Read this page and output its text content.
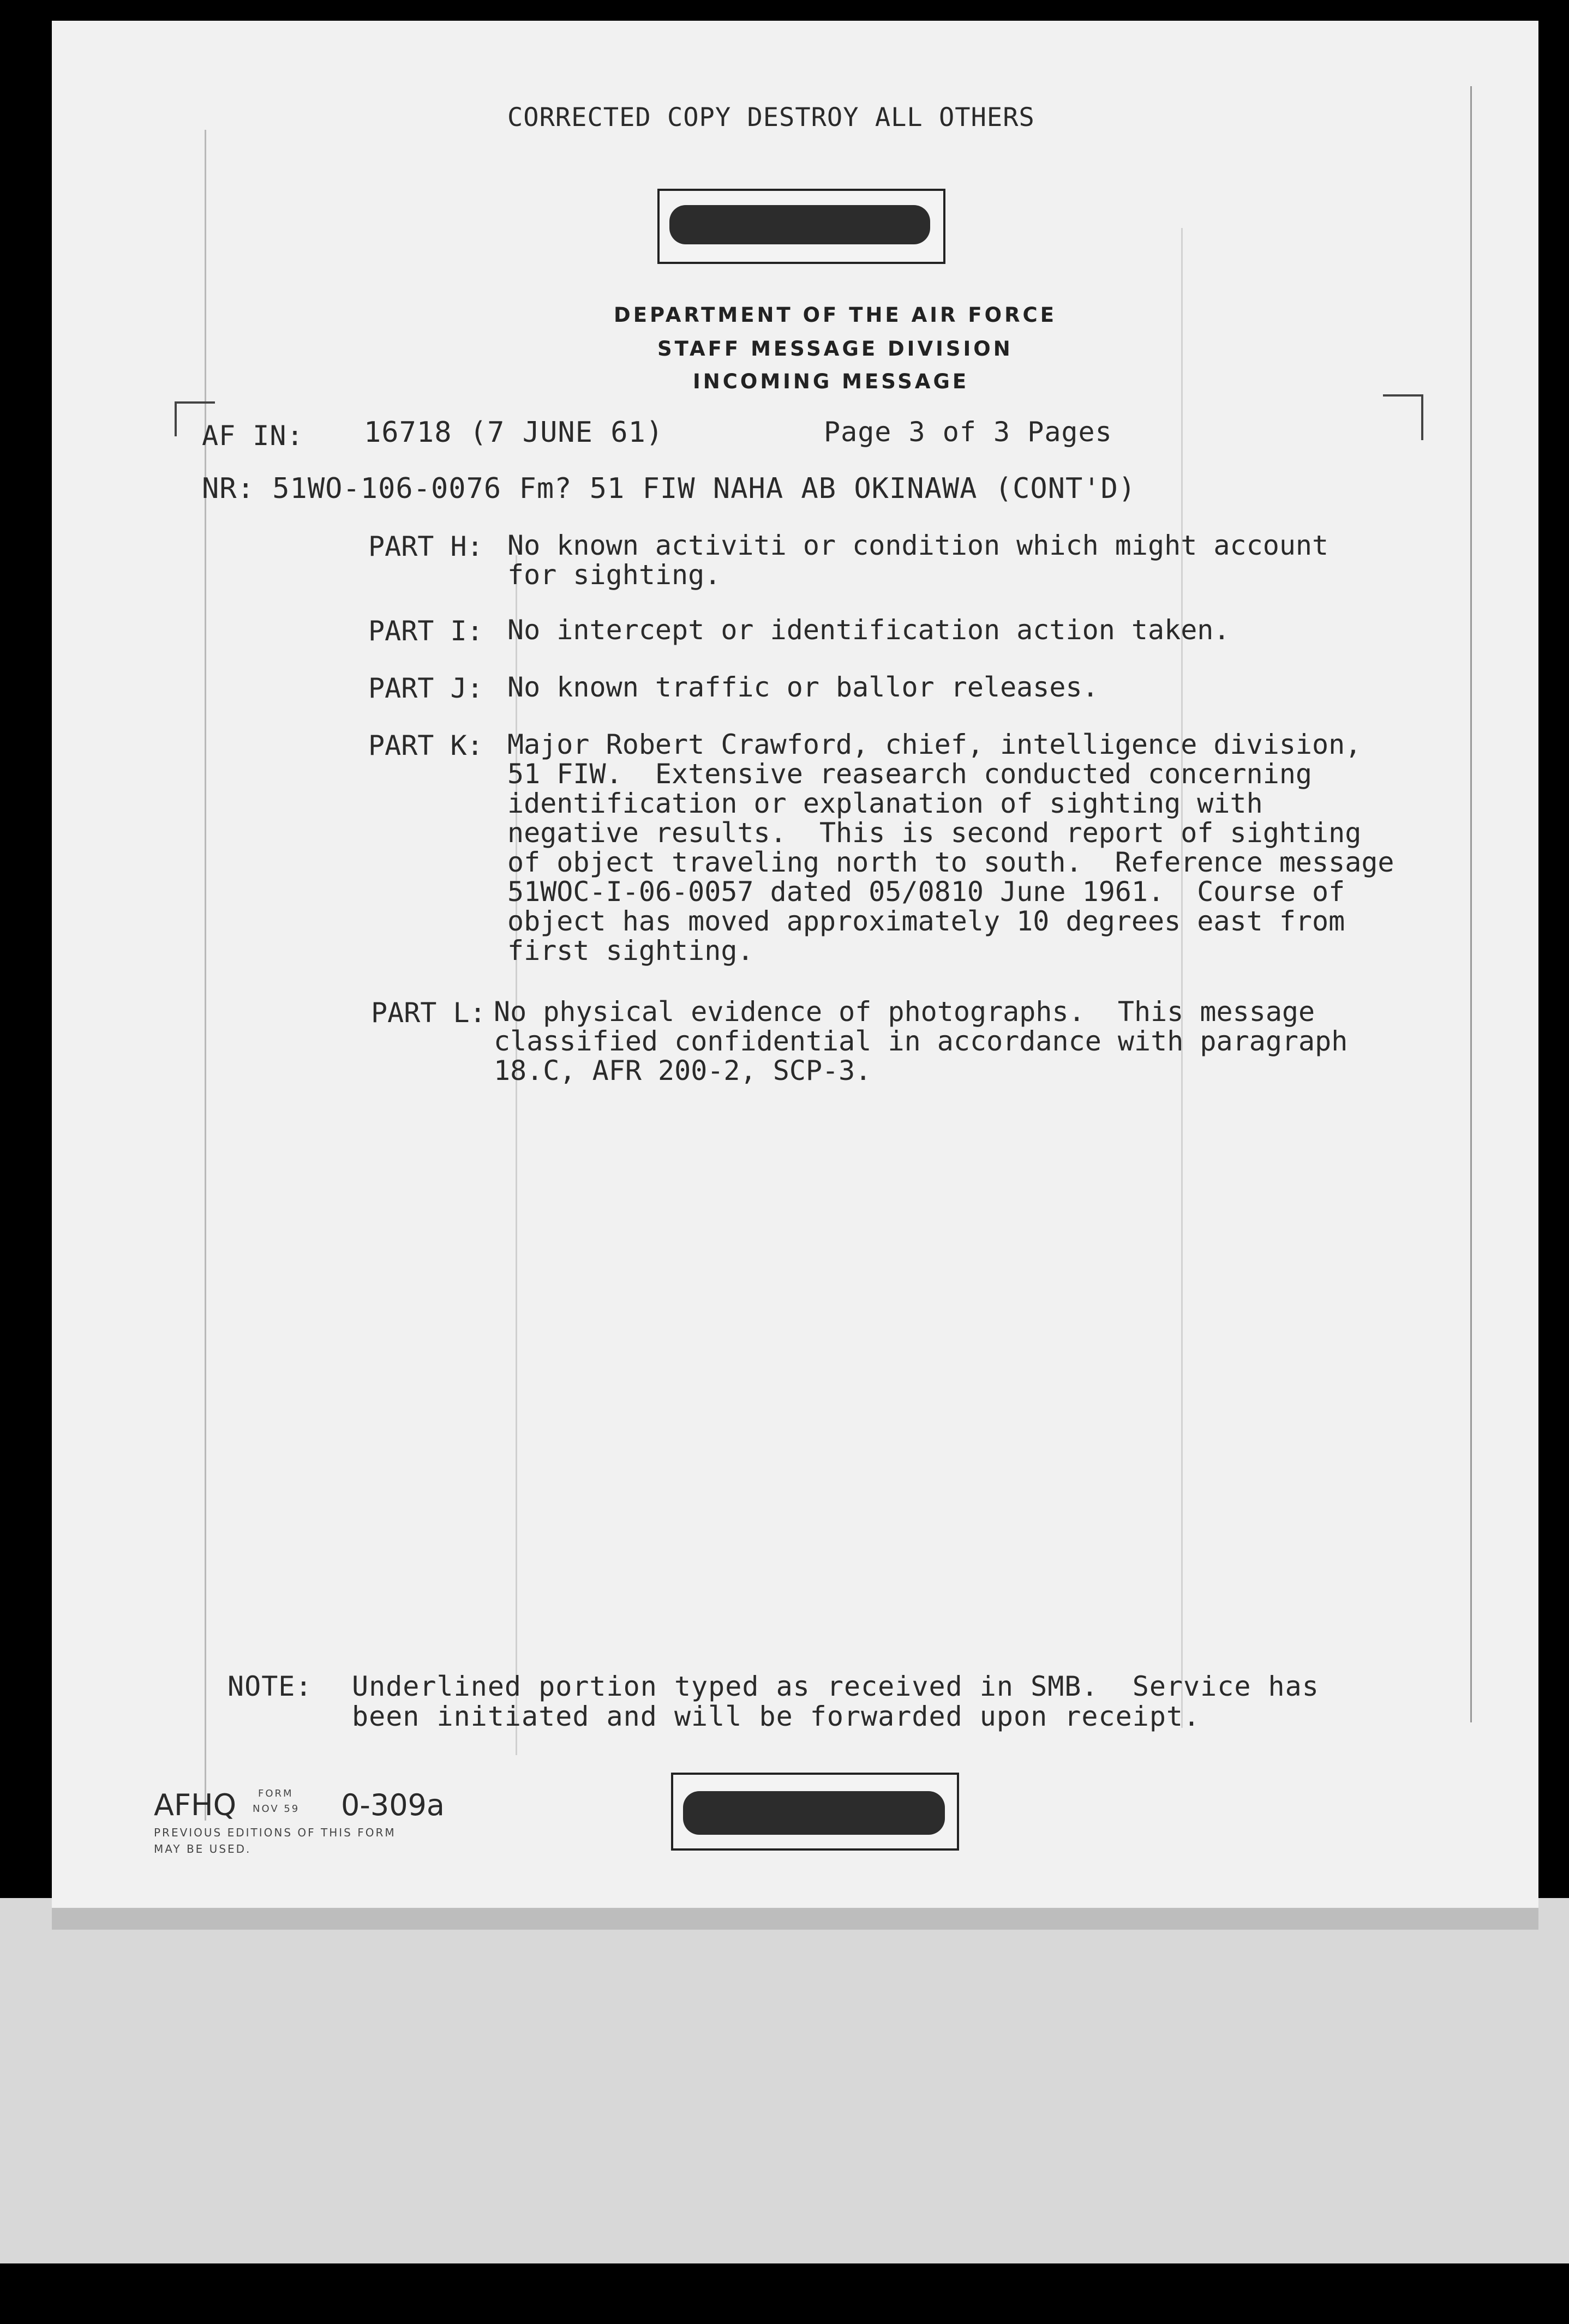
CORRECTED COPY DESTROY ALL OTHERS
DEPARTMENT OF THE AIR FORCE
STAFF MESSAGE DIVISION
INCOMING MESSAGE
AF IN: 16718 (7 JUNE 61)	Page 3 of 3 Pages
NR: 51WO-106-0076 Fm? 51 FIW NAHA AB OKINAWA (CONT'D)
PART H: No known activiti or condition which might account
for sighting.
PART I: No intercept or identification action taken.
PART J: No known traffic or ballor releases.
PART K: Major Robert Crawford, chief, intelligence division,
51 FIW.  Extensive reasearch conducted concerning
identification or explanation of sighting with
negative results.  This is second report of sighting
of object traveling north to south.  Reference message
51WOC-I-06-0057 dated 05/0810 June 1961.  Course of
object has moved approximately 10 degrees east from
first sighting.
PART L: No physical evidence of photographs.  This message
classified confidential in accordance with paragraph
18.C, AFR 200-2, SCP-3.
NOTE: Underlined portion typed as received in SMB.  Service has
been initiated and will be forwarded upon receipt.
AFHQ FORM
NOV 59 0-309a
PREVIOUS EDITIONS OF THIS FORM
MAY BE USED.
